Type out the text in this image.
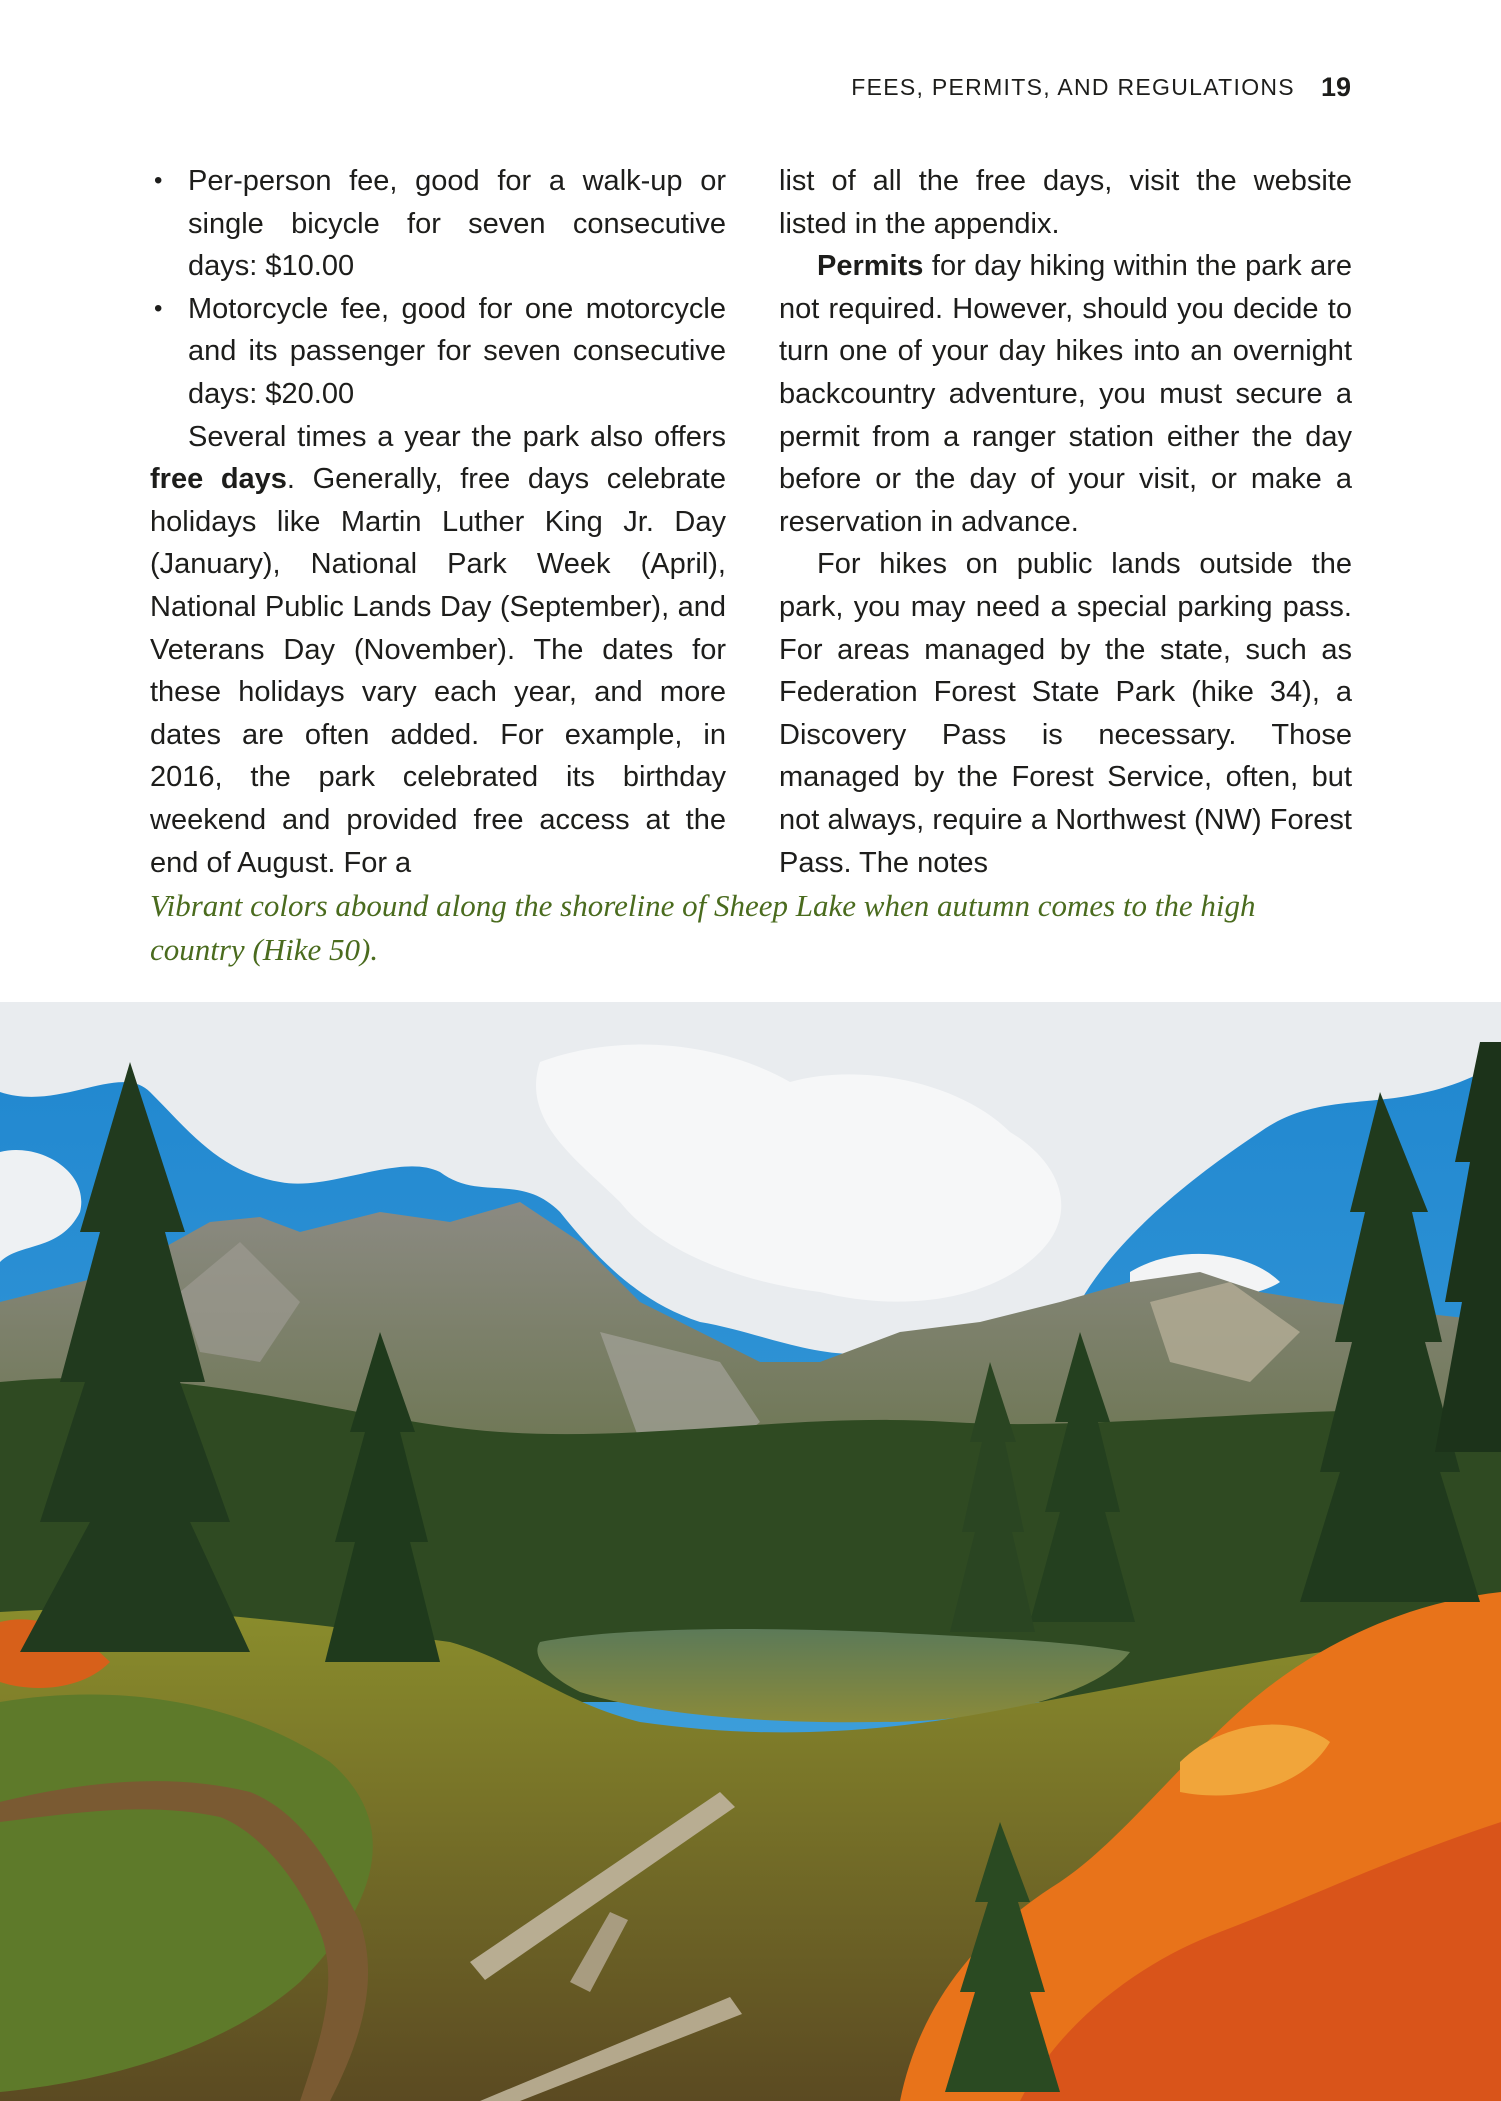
FEES, PERMITS, AND REGULATIONS 19
• Per-person fee, good for a walk-up or single bicycle for seven consecutive days: $10.00
• Motorcycle fee, good for one motorcycle and its passenger for seven consecutive days: $20.00

Several times a year the park also offers free days. Generally, free days celebrate holidays like Martin Luther King Jr. Day (January), National Park Week (April), National Public Lands Day (September), and Veterans Day (November). The dates for these holidays vary each year, and more dates are often added. For example, in 2016, the park celebrated its birthday weekend and provided free access at the end of August. For a

list of all the free days, visit the website listed in the appendix.

Permits for day hiking within the park are not required. However, should you decide to turn one of your day hikes into an overnight backcountry adventure, you must secure a permit from a ranger station either the day before or the day of your visit, or make a reservation in advance.

For hikes on public lands outside the park, you may need a special parking pass. For areas managed by the state, such as Federation Forest State Park (hike 34), a Discovery Pass is necessary. Those managed by the Forest Service, often, but not always, require a Northwest (NW) Forest Pass. The notes

Vibrant colors abound along the shoreline of Sheep Lake when autumn comes to the high country (Hike 50).
